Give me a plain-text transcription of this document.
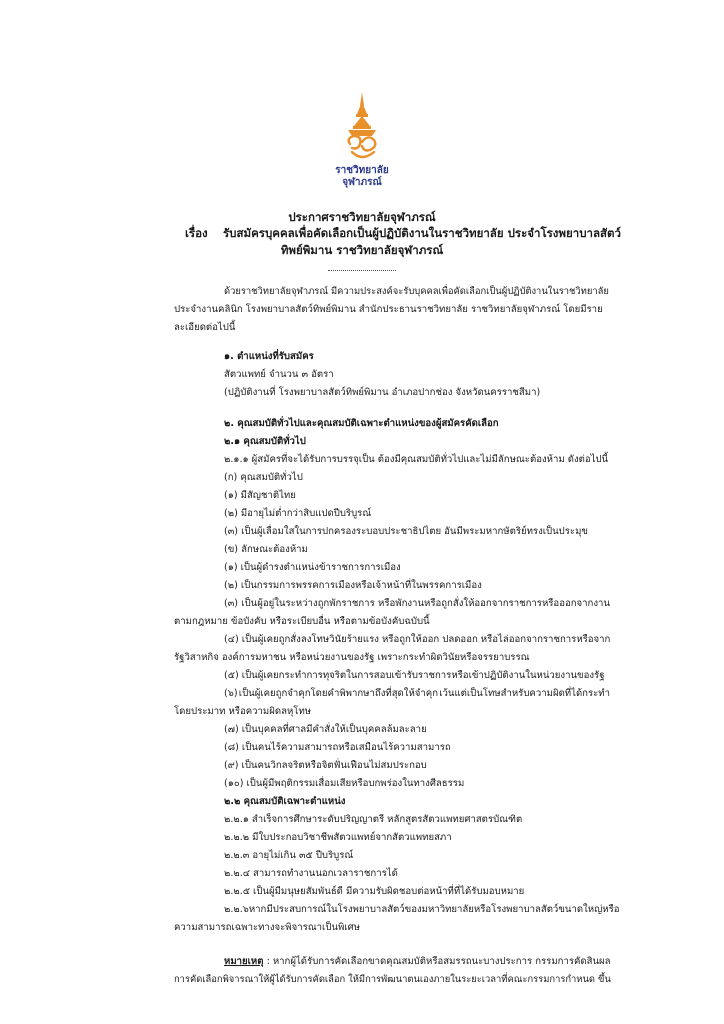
ราชวิทยาลัย
จุฬาภรณ์
ประกาศราชวิทยาลัยจุฬาภรณ์
เรื่อง รับสมัครบุคคลเพื่อคัดเลือกเป็นผู้ปฏิบัติงานในราชวิทยาลัย ประจำโรงพยาบาลสัตว์
ทิพย์พิมาน ราชวิทยาลัยจุฬาภรณ์
ด้วยราชวิทยาลัยจุฬาภรณ์ มีความประสงค์จะรับบุคคลเพื่อคัดเลือกเป็นผู้ปฏิบัติงานในราชวิทยาลัย
ประจำงานคลินิก โรงพยาบาลสัตว์ทิพย์พิมาน สำนักประธานราชวิทยาลัย ราชวิทยาลัยจุฬาภรณ์ โดยมีราย
ละเอียดต่อไปนี้
๑. ตำแหน่งที่รับสมัคร
สัตวแพทย์ จำนวน ๓ อัตรา
(ปฏิบัติงานที่ โรงพยาบาลสัตว์ทิพย์พิมาน อำเภอปากช่อง จังหวัดนครราชสีมา)
๒. คุณสมบัติทั่วไปและคุณสมบัติเฉพาะตำแหน่งของผู้สมัครคัดเลือก
๒.๑ คุณสมบัติทั่วไป
๒.๑.๑ ผู้สมัครที่จะได้รับการบรรจุเป็น ต้องมีคุณสมบัติทั่วไปและไม่มีลักษณะต้องห้าม ดังต่อไปนี้
(ก) คุณสมบัติทั่วไป
(๑) มีสัญชาติไทย
(๒) มีอายุไม่ต่ำกว่าสิบแปดปีบริบูรณ์
(๓) เป็นผู้เลื่อมใสในการปกครองระบอบประชาธิปไตย อันมีพระมหากษัตริย์ทรงเป็นประมุข
(ข) ลักษณะต้องห้าม
(๑) เป็นผู้ดำรงตำแหน่งข้าราชการการเมือง
(๒) เป็นกรรมการพรรคการเมืองหรือเจ้าหน้าที่ในพรรคการเมือง
(๓) เป็นผู้อยู่ในระหว่างถูกพักราชการ หรือพักงานหรือถูกสั่งให้ออกจากราชการหรือออกจากงาน
ตามกฎหมาย ข้อบังคับ หรือระเบียบอื่น หรือตามข้อบังคับฉบับนี้
(๔) เป็นผู้เคยถูกสั่งลงโทษวินัยร้ายแรง หรือถูกให้ออก ปลดออก หรือไล่ออกจากราชการ หรือจาก
รัฐวิสาหกิจ องค์การมหาชน หรือหน่วยงานของรัฐ เพราะกระทำผิดวินัยหรือจรรยาบรรณ
(๕) เป็นผู้เคยกระทำการทุจริตในการสอบเข้ารับราชการหรือเข้าปฏิบัติงานในหน่วยงานของรัฐ
(๖) เป็นผู้เคยถูกจำคุกโดยคำพิพากษาถึงที่สุดให้จำคุก เว้นแต่เป็นโทษสำหรับความผิดที่ได้กระทำ
โดยประมาท หรือความผิดลหุโทษ
(๗) เป็นบุคคลที่ศาลมีคำสั่งให้เป็นบุคคลล้มละลาย
(๘) เป็นคนไร้ความสามารถหรือเสมือนไร้ความสามารถ
(๙) เป็นคนวิกลจริตหรือจิตฟั่นเฟือนไม่สมประกอบ
(๑๐) เป็นผู้มีพฤติกรรมเสื่อมเสียหรือบกพร่องในทางศีลธรรม
๒.๒ คุณสมบัติเฉพาะตำแหน่ง
๒.๒.๑ สำเร็จการศึกษาระดับปริญญาตรี หลักสูตรสัตวแพทยศาสตรบัณฑิต
๒.๒.๒ มีใบประกอบวิชาชีพสัตวแพทย์จากสัตวแพทยสภา
๒.๒.๓ อายุไม่เกิน ๓๕ ปีบริบูรณ์
๒.๒.๔ สามารถทำงานนอกเวลาราชการได้
๒.๒.๕ เป็นผู้มีมนุษยสัมพันธ์ดี มีความรับผิดชอบต่อหน้าที่ที่ได้รับมอบหมาย
๒.๒.๖ หากมีประสบการณ์ในโรงพยาบาลสัตว์ของมหาวิทยาลัยหรือโรงพยาบาลสัตว์ขนาดใหญ่หรือ
ความสามารถเฉพาะทางจะพิจารณาเป็นพิเศษ
หมายเหตุ : หากผู้ได้รับการคัดเลือกขาดคุณสมบัติหรือสมรรถนะบางประการ กรรมการคัดสินผล
การคัดเลือกพิจารณาให้ผู้ได้รับการคัดเลือก ให้มีการพัฒนาตนเองภายในระยะเวลาที่คณะกรรมการกำหนด ขึ้น
